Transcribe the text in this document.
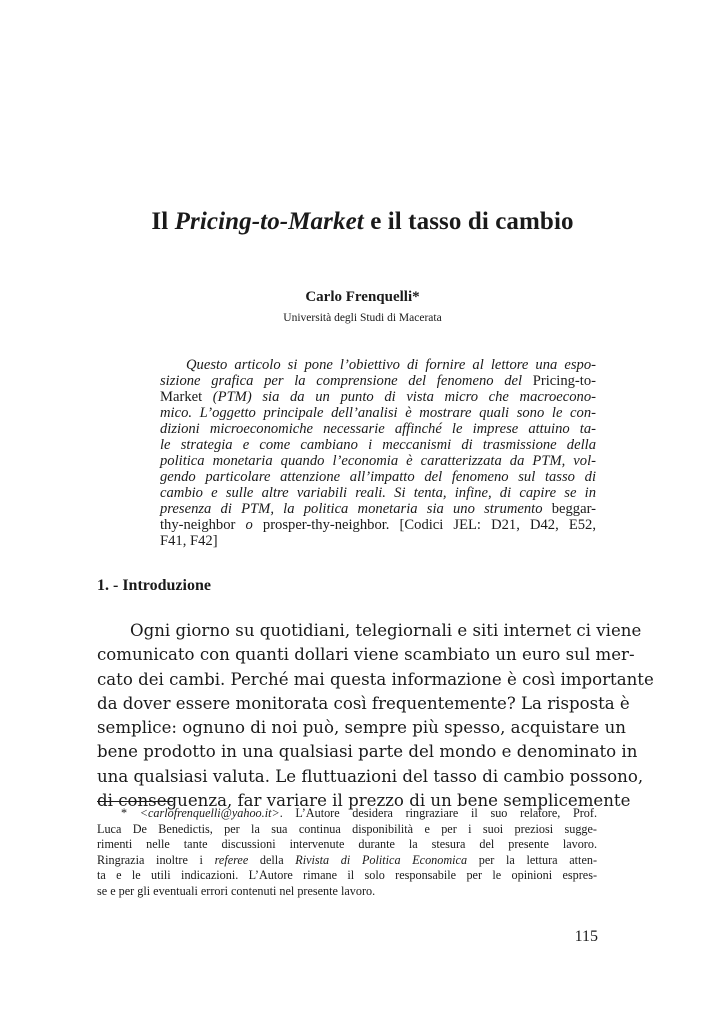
Il Pricing-to-Market e il tasso di cambio
Carlo Frenquelli*
Università degli Studi di Macerata
Questo articolo si pone l’obiettivo di fornire al lettore una espo-
sizione grafica per la comprensione del fenomeno del Pricing-to-
Market (PTM) sia da un punto di vista micro che macroecono-
mico. L’oggetto principale dell’analisi è mostrare quali sono le con-
dizioni microeconomiche necessarie affinché le imprese attuino ta-
le strategia e come cambiano i meccanismi di trasmissione della
politica monetaria quando l’economia è caratterizzata da PTM, vol-
gendo particolare attenzione all’impatto del fenomeno sul tasso di
cambio e sulle altre variabili reali. Si tenta, infine, di capire se in
presenza di PTM, la politica monetaria sia uno strumento beggar-
thy-neighbor o prosper-thy-neighbor. [Codici JEL: D21, D42, E52,
F41, F42]
1. - Introduzione
Ogni giorno su quotidiani, telegiornali e siti internet ci viene
comunicato con quanti dollari viene scambiato un euro sul mer-
cato dei cambi. Perché mai questa informazione è così importante
da dover essere monitorata così frequentemente? La risposta è
semplice: ognuno di noi può, sempre più spesso, acquistare un
bene prodotto in una qualsiasi parte del mondo e denominato in
una qualsiasi valuta. Le fluttuazioni del tasso di cambio possono,
di conseguenza, far variare il prezzo di un bene semplicemente
* <carlofrenquelli@yahoo.it>. L’Autore desidera ringraziare il suo relatore, Prof.
Luca De Benedictis, per la sua continua disponibilità e per i suoi preziosi sugge-
rimenti nelle tante discussioni intervenute durante la stesura del presente lavoro.
Ringrazia inoltre i referee della Rivista di Politica Economica per la lettura atten-
ta e le utili indicazioni. L’Autore rimane il solo responsabile per le opinioni espres-
se e per gli eventuali errori contenuti nel presente lavoro.
115
